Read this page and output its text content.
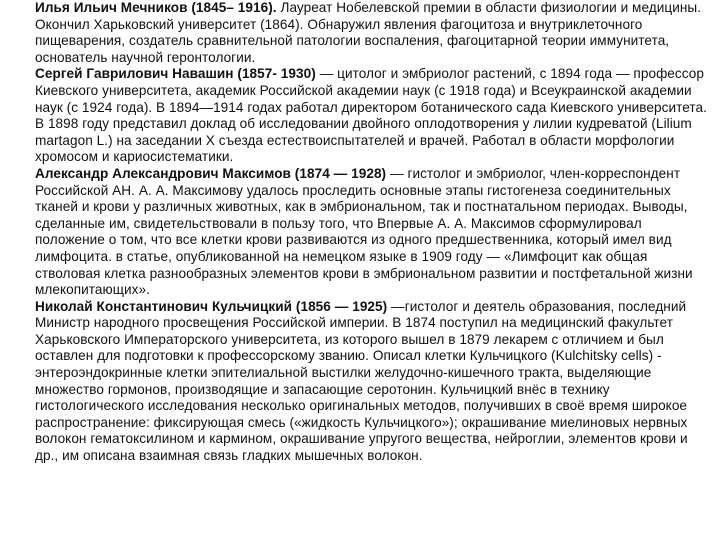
Илья Ильич Мечников (1845– 1916). Лауреат Нобелевской премии в области физиологии и медицины. Окончил Харьковский университет (1864). Обнаружил явления фагоцитоза и внутриклеточного пищеварения, создатель сравнительной патологии воспаления, фагоцитарной теории иммунитета, основатель научной геронтологии.

Сергей Гаврилович Навашин (1857- 1930) — цитолог и эмбриолог растений, с 1894 года — профессор Киевского университета, академик Российской академии наук (с 1918 года) и Всеукраинской академии наук (с 1924 года). В 1894—1914 годах работал директором ботанического сада Киевского университета. В 1898 году представил доклад об исследовании двойного оплодотворения у лилии кудреватой (Lilium martagon L.) на заседании X съезда естествоиспытателей и врачей. Работал в области морфологии хромосом и кариосистематики.

Александр Александрович Максимов (1874 — 1928) — гистолог и эмбриолог, член-корреспондент Российской АН. А. А. Максимову удалось проследить основные этапы гистогенеза соединительных тканей и крови у различных животных, как в эмбриональном, так и постнатальном периодах. Выводы, сделанные им, свидетельствовали в пользу того, что Впервые А. А. Максимов сформулировал положение о том, что все клетки крови развиваются из одного предшественника, который имел вид лимфоцита. в статье, опубликованной на немецком языке в 1909 году — «Лимфоцит как общая стволовая клетка разнообразных элементов крови в эмбриональном развитии и постфетальной жизни млекопитающих».

Николай Константинович Кульчицкий (1856 — 1925) —гистолог и деятель образования, последний Министр народного просвещения Российской империи. В 1874 поступил на медицинский факультет Харьковского Императорского университета, из которого вышел в 1879 лекарем с отличием и был оставлен для подготовки к профессорскому званию. Описал клетки Кульчицкого (Kulchitsky cells) - энтероэндокринные клетки эпителиальной выстилки желудочно-кишечного тракта, выделяющие множество гормонов, производящие и запасающие серотонин. Кульчицкий внёс в технику гистологического исследования несколько оригинальных методов, получивших в своё время широкое распространение: фиксирующая смесь («жидкость Кульчицкого»); окрашивание миелиновых нервных волокон гематоксилином и кармином, окрашивание упругого вещества, нейроглии, элементов крови и др., им описана взаимная связь гладких мышечных волокон.
